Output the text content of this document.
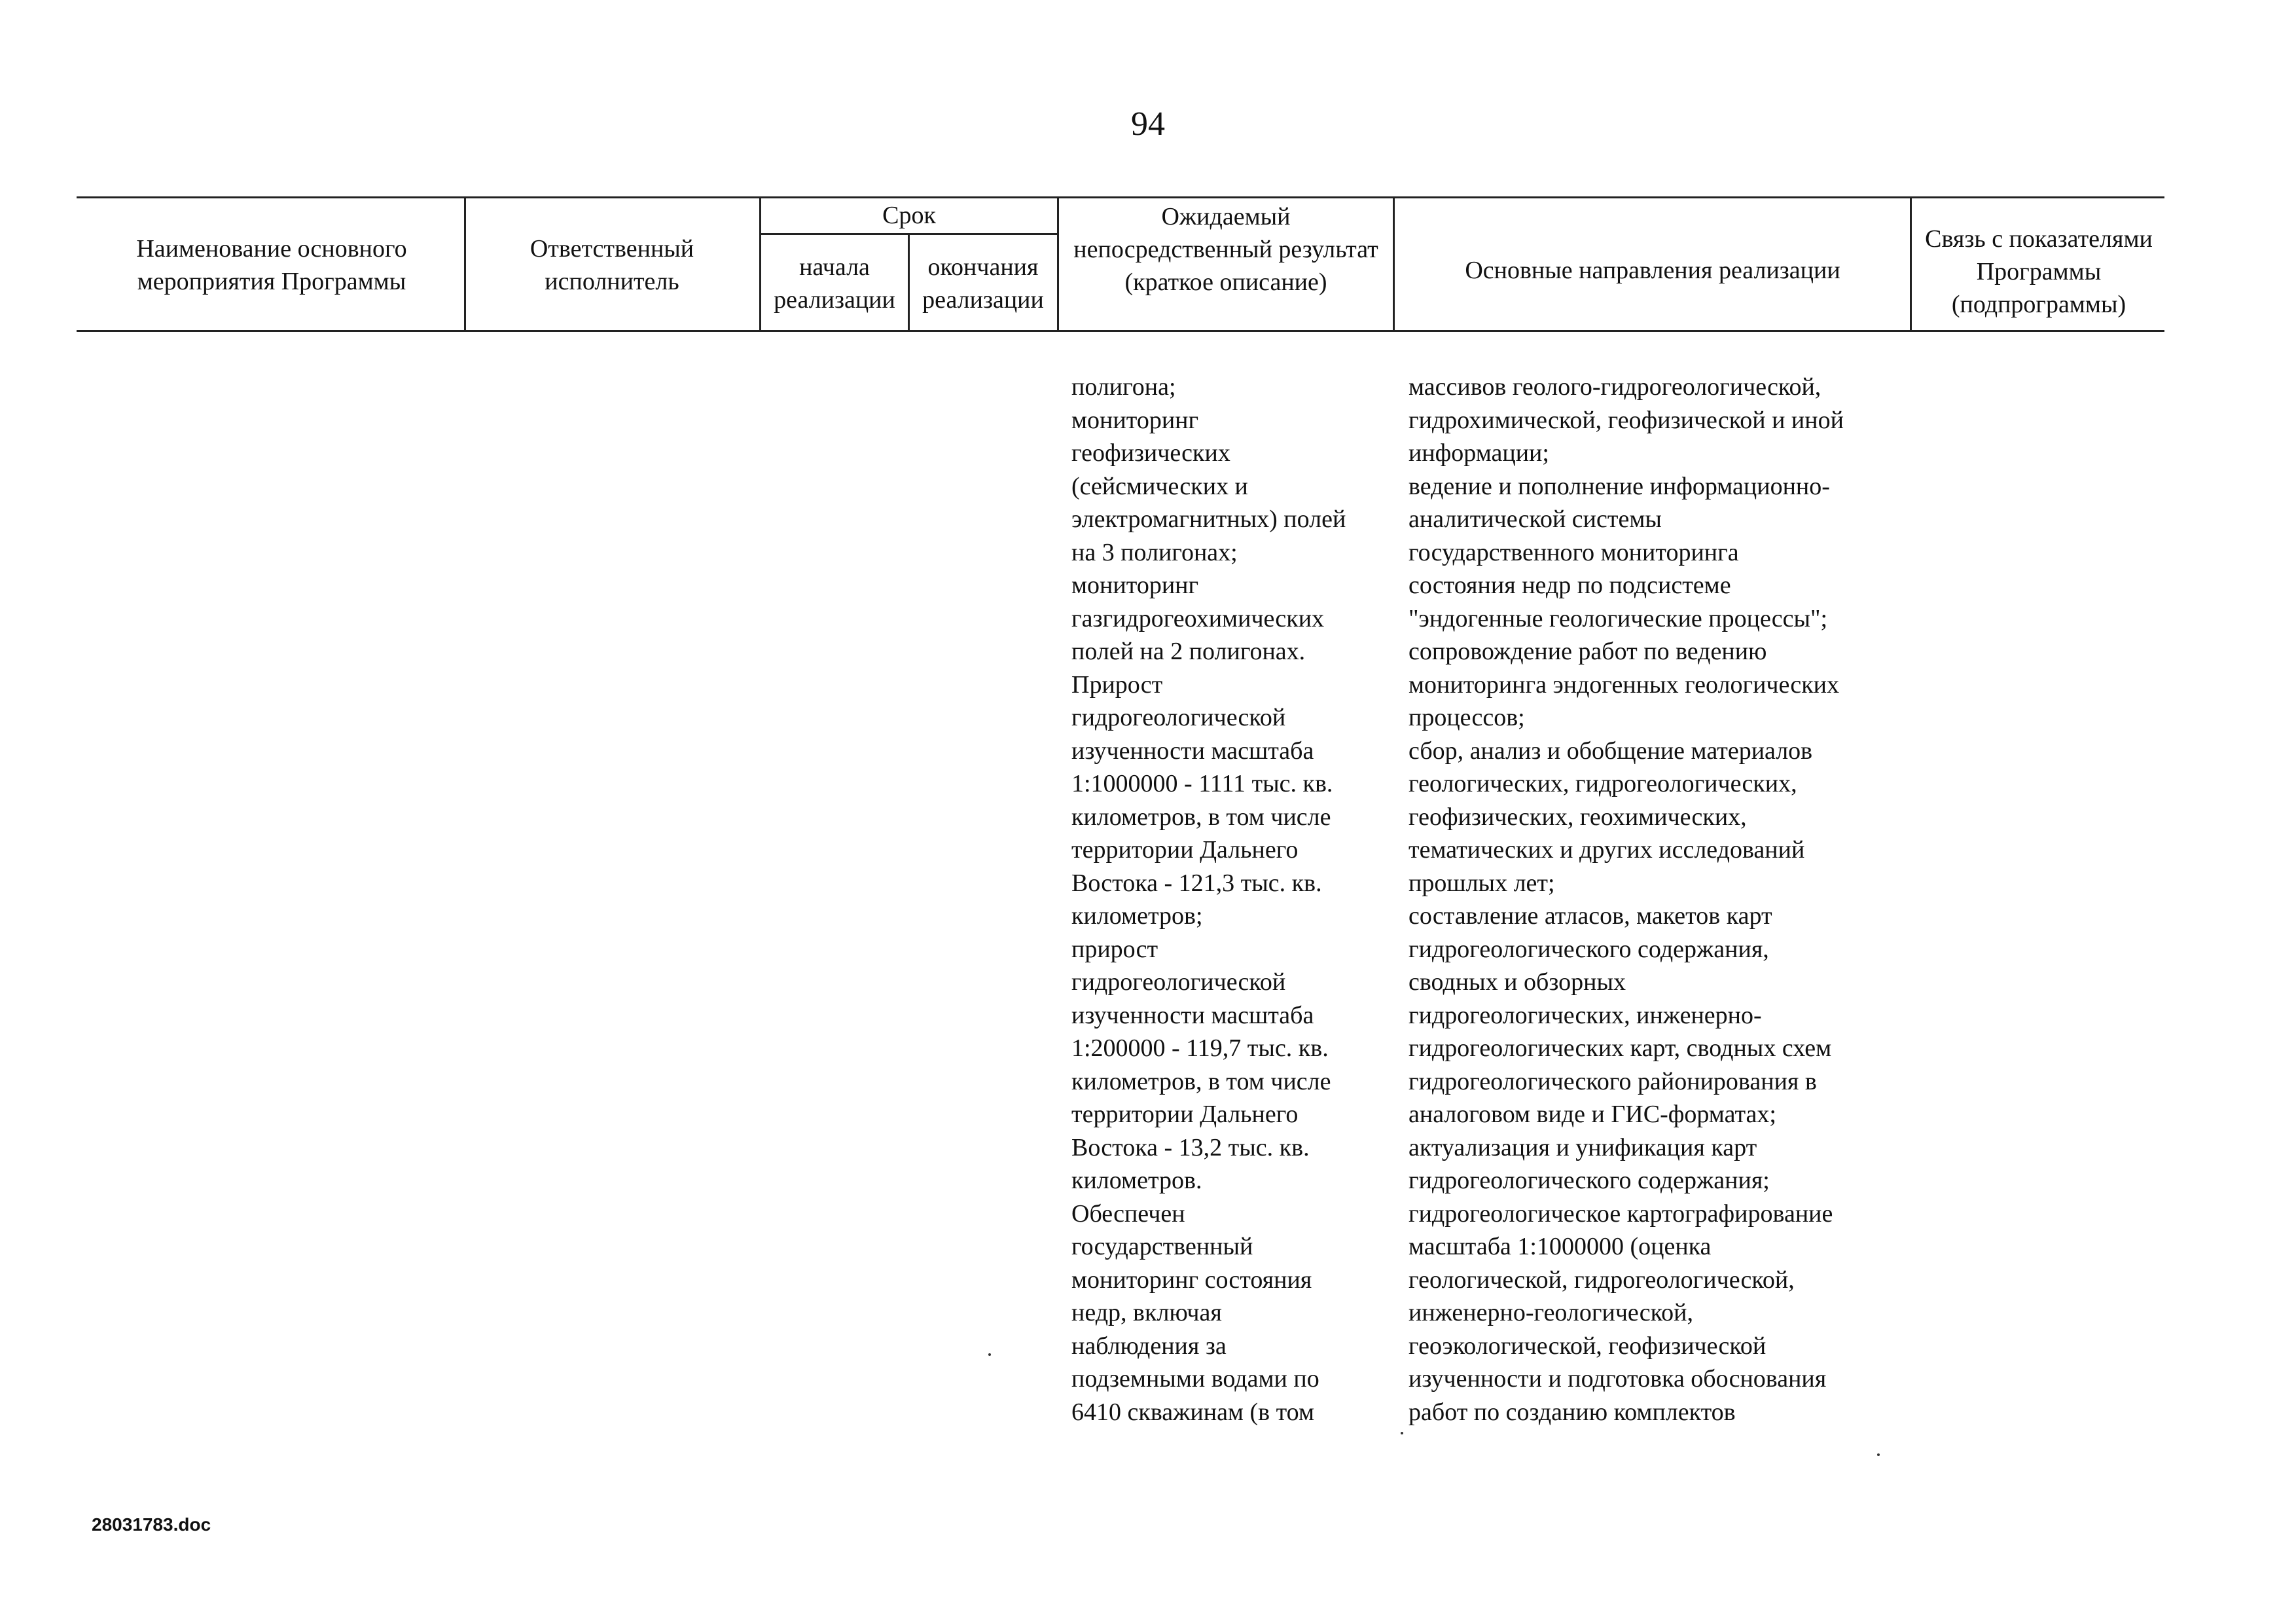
94
Наименование основного мероприятия Программы
Ответственный исполнитель
Срок
начала реализации
окончания реализации
Ожидаемый непосредственный результат (краткое описание)	Основные направления реализации
Связь с показателями Программы (подпрограммы)
полигона;
мониторинг
геофизических
(сейсмических и
электромагнитных) полей
на 3 полигонах;
мониторинг
газгидрогеохимических
полей на 2 полигонах.
Прирост
гидрогеологической
изученности масштаба
1:1000000 - 1111 тыс. кв.
километров, в том числе
территории Дальнего
Востока - 121,3 тыс. кв.
километров;
прирост
гидрогеологической
изученности масштаба
1:200000 - 119,7 тыс. кв.
километров, в том числе
территории Дальнего
Востока - 13,2 тыс. кв.
километров.
Обеспечен
государственный
мониторинг состояния
недр, включая
наблюдения за
подземными водами по
6410 скважинам (в том
массивов геолого-гидрогеологической,
гидрохимической, геофизической и иной
информации;
ведение и пополнение информационно-
аналитической системы
государственного мониторинга
состояния недр по подсистеме
"эндогенные геологические процессы";
сопровождение работ по ведению
мониторинга эндогенных геологических
процессов;
сбор, анализ и обобщение материалов
геологических, гидрогеологических,
геофизических, геохимических,
тематических и других исследований
прошлых лет;
составление атласов, макетов карт
гидрогеологического содержания,
сводных и обзорных
гидрогеологических, инженерно-
гидрогеологических карт, сводных схем
гидрогеологического районирования в
аналоговом виде и ГИС-форматах;
актуализация и унификация карт
гидрогеологического содержания;
гидрогеологическое картографирование
масштаба 1:1000000 (оценка
геологической, гидрогеологической,
инженерно-геологической,
геоэкологической, геофизической
изученности и подготовка обоснования
работ по созданию комплектов
28031783.doc
